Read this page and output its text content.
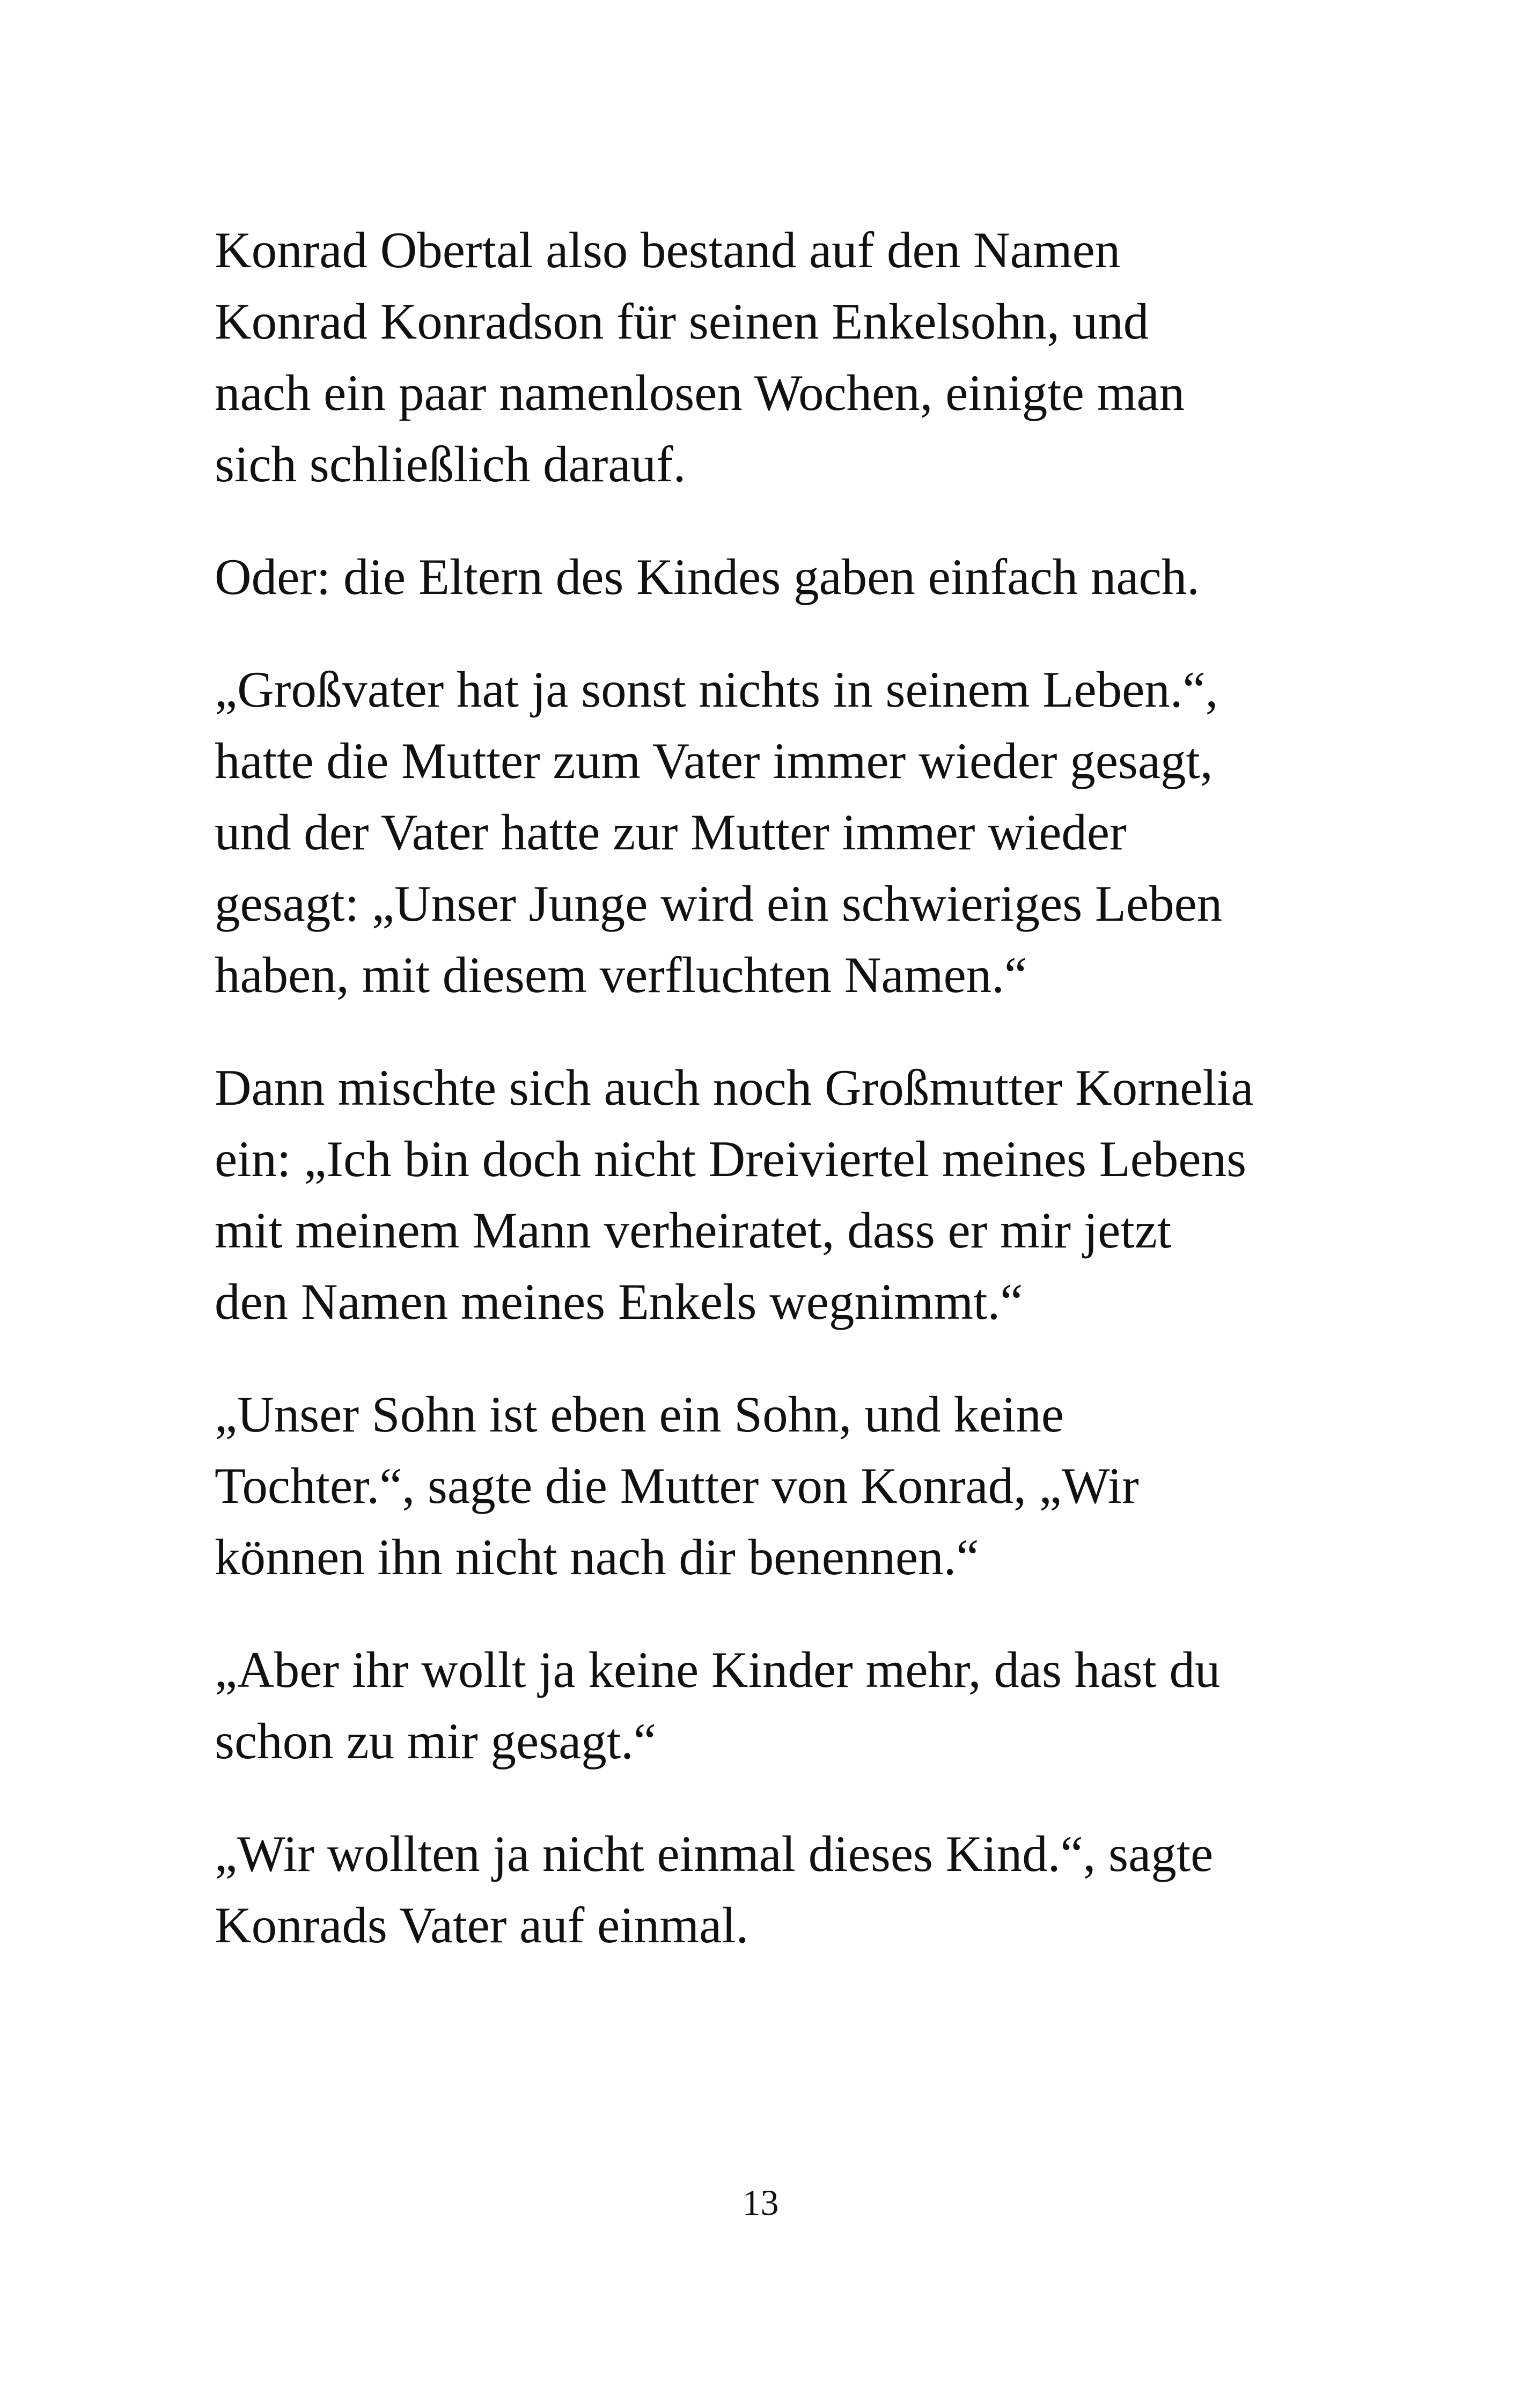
Konrad Obertal also bestand auf den Namen
Konrad Konradson für seinen Enkelsohn, und
nach ein paar namenlosen Wochen, einigte man
sich schließlich darauf.

Oder: die Eltern des Kindes gaben einfach nach.

„Großvater hat ja sonst nichts in seinem Leben.“,
hatte die Mutter zum Vater immer wieder gesagt,
und der Vater hatte zur Mutter immer wieder
gesagt: „Unser Junge wird ein schwieriges Leben
haben, mit diesem verfluchten Namen.“

Dann mischte sich auch noch Großmutter Kornelia
ein: „Ich bin doch nicht Dreiviertel meines Lebens
mit meinem Mann verheiratet, dass er mir jetzt
den Namen meines Enkels wegnimmt.“

„Unser Sohn ist eben ein Sohn, und keine
Tochter.“, sagte die Mutter von Konrad, „Wir
können ihn nicht nach dir benennen.“

„Aber ihr wollt ja keine Kinder mehr, das hast du
schon zu mir gesagt.“

„Wir wollten ja nicht einmal dieses Kind.“, sagte
Konrads Vater auf einmal.

13
